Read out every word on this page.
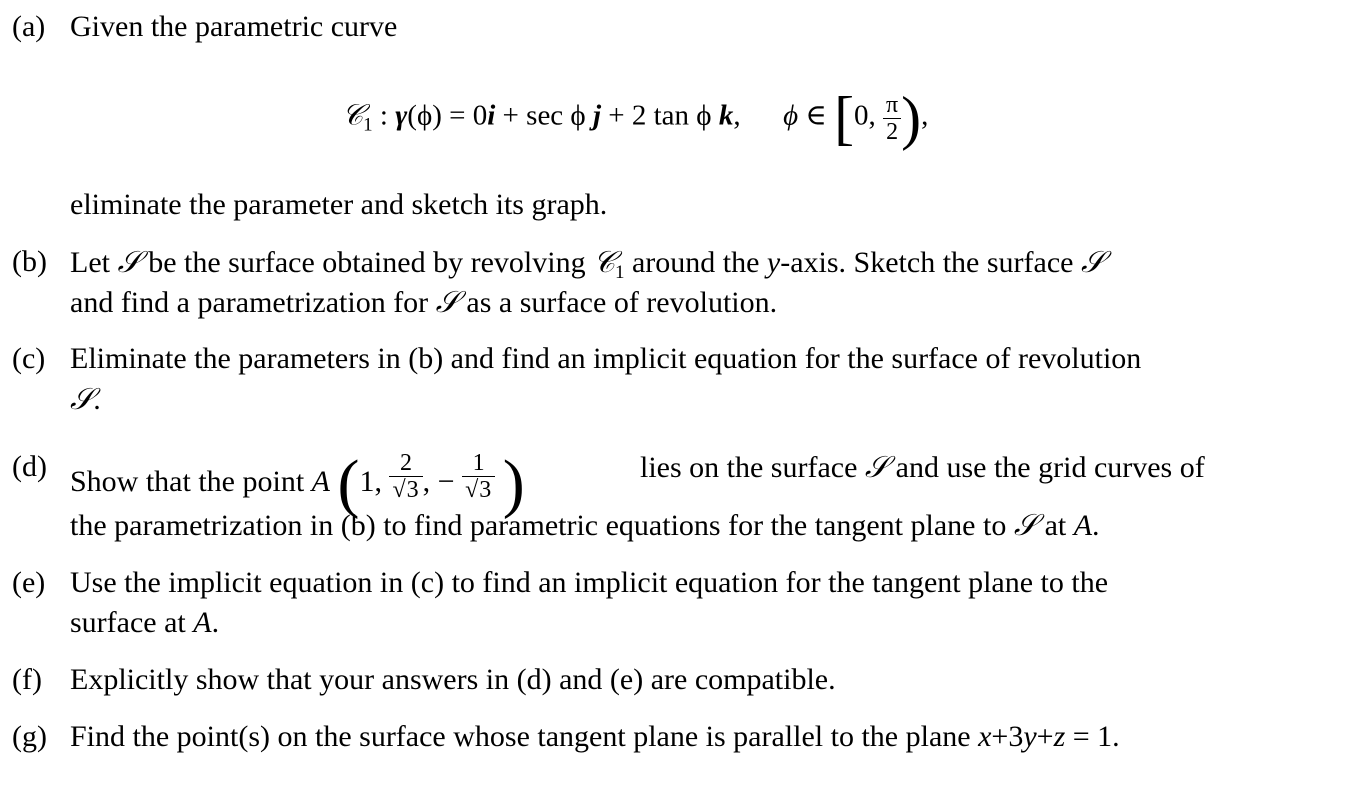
(a) Given the parametric curve
𝒞$_1$ : γ(ϕ) = 0i + sec ϕ j + 2 tan ϕ k, ϕ ∈ [0, $\frac{\pi}{2}$ ),
eliminate the parameter and sketch its graph.
(b) Let 𝒮 be the surface obtained by revolving 𝒞$_1$ around the y-axis. Sketch the surface 𝒮
and find a parametrization for 𝒮 as a surface of revolution.
(c) Eliminate the parameters in (b) and find an implicit equation for the surface of revolution
𝒮.
(d) Show that the point A (1, $\frac{2}{√3}$ , − $\frac{1}{√3}$ )	lies on the surface 𝒮 and use the grid curves of
the parametrization in (b) to find parametric equations for the tangent plane to 𝒮 at A.
(e) Use the implicit equation in (c) to find an implicit equation for the tangent plane to the
surface at A.
(f) Explicitly show that your answers in (d) and (e) are compatible.
(g) Find the point(s) on the surface whose tangent plane is parallel to the plane x+3y+z = 1.
